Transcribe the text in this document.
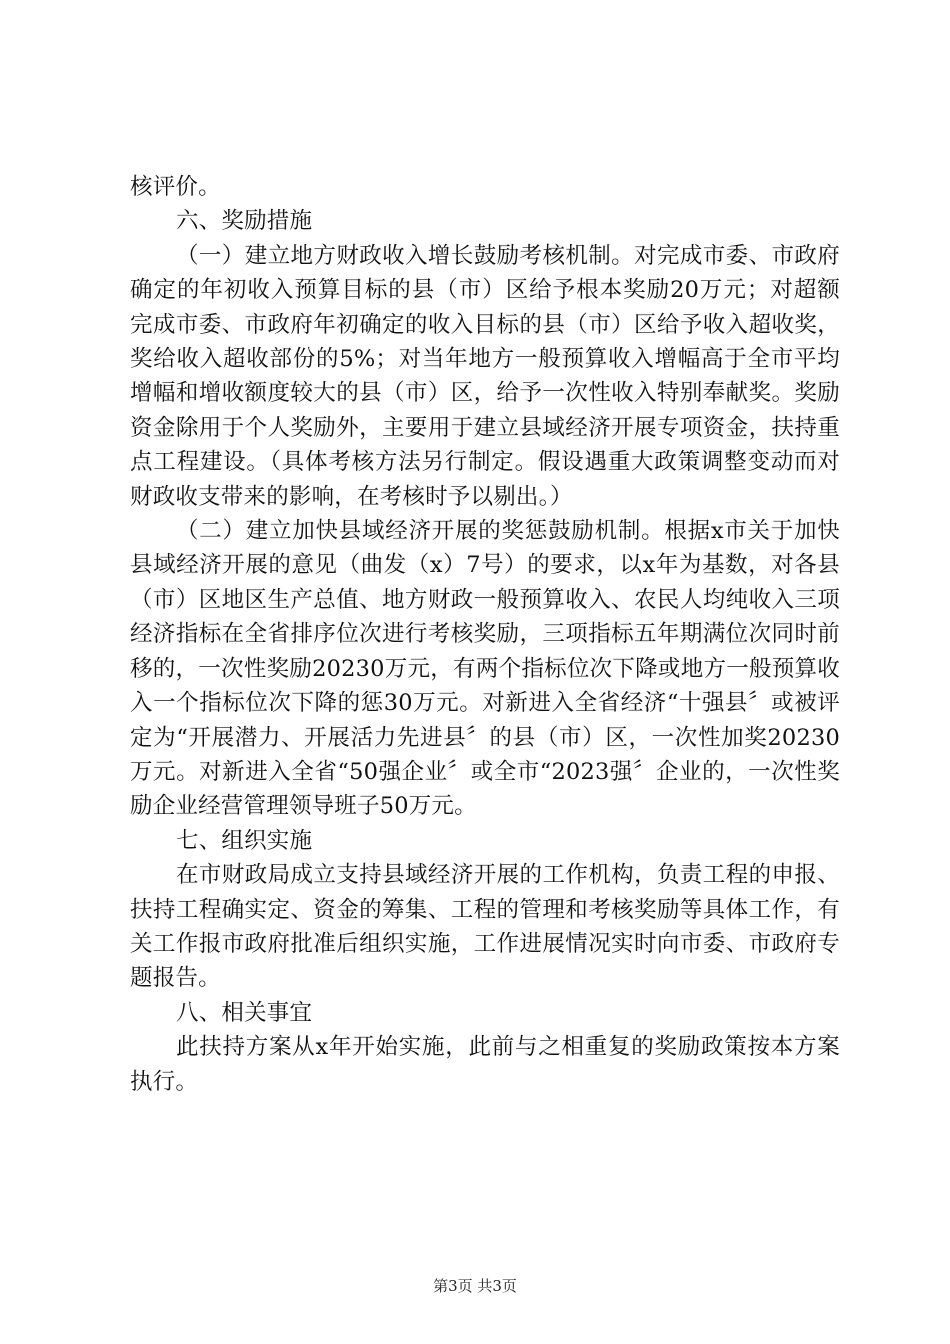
核评价。

六、奖励措施

（一）建立地方财政收入增长鼓励考核机制。对完成市委、市政府确定的年初收入预算目标的县（市）区给予根本奖励20万元；对超额完成市委、市政府年初确定的收入目标的县（市）区给予收入超收奖，奖给收入超收部份的5%；对当年地方一般预算收入增幅高于全市平均增幅和增收额度较大的县（市）区，给予一次性收入特别奉献奖。奖励资金除用于个人奖励外，主要用于建立县域经济开展专项资金，扶持重点工程建设。（具体考核方法另行制定。假设遇重大政策调整变动而对财政收支带来的影响，在考核时予以剔出。）

（二）建立加快县域经济开展的奖惩鼓励机制。根据x市关于加快县域经济开展的意见（曲发（x）7号）的要求，以x年为基数，对各县（市）区地区生产总值、地方财政一般预算收入、农民人均纯收入三项经济指标在全省排序位次进行考核奖励，三项指标五年期满位次同时前移的，一次性奖励20230万元，有两个指标位次下降或地方一般预算收入一个指标位次下降的惩30万元。对新进入全省经济“十强县〞或被评定为“开展潜力、开展活力先进县〞的县（市）区，一次性加奖20230万元。对新进入全省“50强企业〞或全市“2023强〞企业的，一次性奖励企业经营管理领导班子50万元。

七、组织实施

在市财政局成立支持县域经济开展的工作机构，负责工程的申报、扶持工程确实定、资金的筹集、工程的管理和考核奖励等具体工作，有关工作报市政府批准后组织实施，工作进展情况实时向市委、市政府专题报告。

八、相关事宜

此扶持方案从x年开始实施，此前与之相重复的奖励政策按本方案执行。

第3页 共3页
